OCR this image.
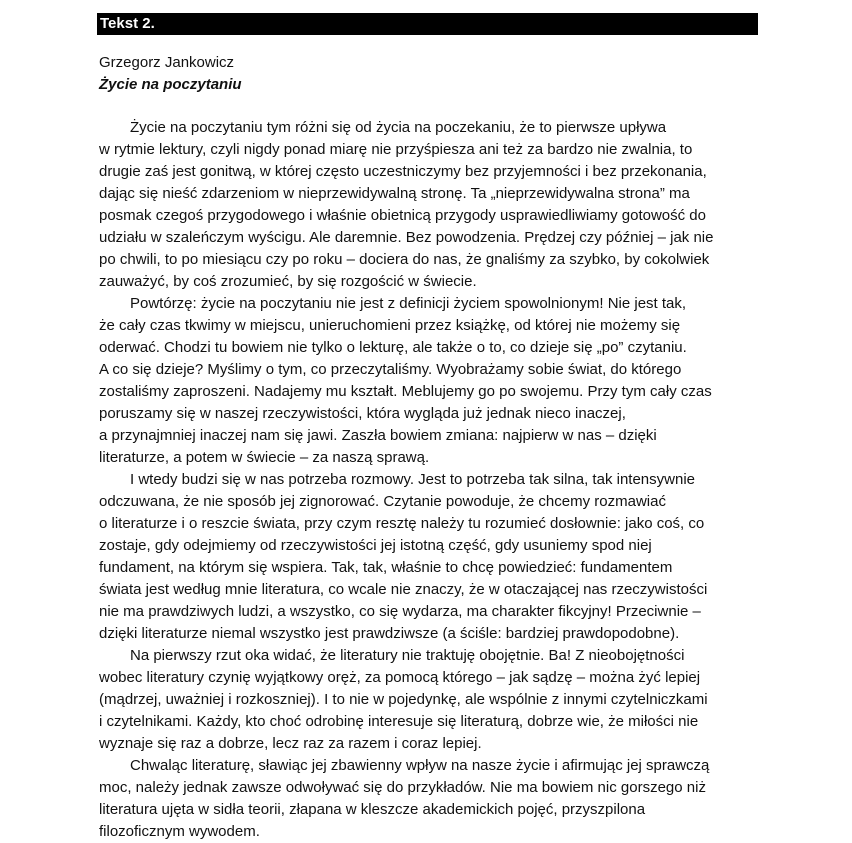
Tekst 2.
Grzegorz Jankowicz
Życie na poczytaniu
Życie na poczytaniu tym różni się od życia na poczekaniu, że to pierwsze upływa
w rytmie lektury, czyli nigdy ponad miarę nie przyśpiesza ani też za bardzo nie zwalnia, to
drugie zaś jest gonitwą, w której często uczestniczymy bez przyjemności i bez przekonania,
dając się nieść zdarzeniom w nieprzewidywalną stronę. Ta „nieprzewidywalna strona” ma
posmak czegoś przygodowego i właśnie obietnicą przygody usprawiedliwiamy gotowość do
udziału w szaleńczym wyścigu. Ale daremnie. Bez powodzenia. Prędzej czy później – jak nie
po chwili, to po miesiącu czy po roku – dociera do nas, że gnaliśmy za szybko, by cokolwiek
zauważyć, by coś zrozumieć, by się rozgościć w świecie.
Powtórzę: życie na poczytaniu nie jest z definicji życiem spowolnionym! Nie jest tak,
że cały czas tkwimy w miejscu, unieruchomieni przez książkę, od której nie możemy się
oderwać. Chodzi tu bowiem nie tylko o lekturę, ale także o to, co dzieje się „po” czytaniu.
A co się dzieje? Myślimy o tym, co przeczytaliśmy. Wyobrażamy sobie świat, do którego
zostaliśmy zaproszeni. Nadajemy mu kształt. Meblujemy go po swojemu. Przy tym cały czas
poruszamy się w naszej rzeczywistości, która wygląda już jednak nieco inaczej,
a przynajmniej inaczej nam się jawi. Zaszła bowiem zmiana: najpierw w nas – dzięki
literaturze, a potem w świecie – za naszą sprawą.
I wtedy budzi się w nas potrzeba rozmowy. Jest to potrzeba tak silna, tak intensywnie
odczuwana, że nie sposób jej zignorować. Czytanie powoduje, że chcemy rozmawiać
o literaturze i o reszcie świata, przy czym resztę należy tu rozumieć dosłownie: jako coś, co
zostaje, gdy odejmiemy od rzeczywistości jej istotną część, gdy usuniemy spod niej
fundament, na którym się wspiera. Tak, tak, właśnie to chcę powiedzieć: fundamentem
świata jest według mnie literatura, co wcale nie znaczy, że w otaczającej nas rzeczywistości
nie ma prawdziwych ludzi, a wszystko, co się wydarza, ma charakter fikcyjny! Przeciwnie –
dzięki literaturze niemal wszystko jest prawdziwsze (a ściśle: bardziej prawdopodobne).
Na pierwszy rzut oka widać, że literatury nie traktuję obojętnie. Ba! Z nieobojętności
wobec literatury czynię wyjątkowy oręż, za pomocą którego – jak sądzę – można żyć lepiej
(mądrzej, uważniej i rozkoszniej). I to nie w pojedynkę, ale wspólnie z innymi czytelniczkami
i czytelnikami. Każdy, kto choć odrobinę interesuje się literaturą, dobrze wie, że miłości nie
wyznaje się raz a dobrze, lecz raz za razem i coraz lepiej.
Chwaląc literaturę, sławiąc jej zbawienny wpływ na nasze życie i afirmując jej sprawczą
moc, należy jednak zawsze odwoływać się do przykładów. Nie ma bowiem nic gorszego niż
literatura ujęta w sidła teorii, złapana w kleszcze akademickich pojęć, przyszpilona
filozoficznym wywodem.
